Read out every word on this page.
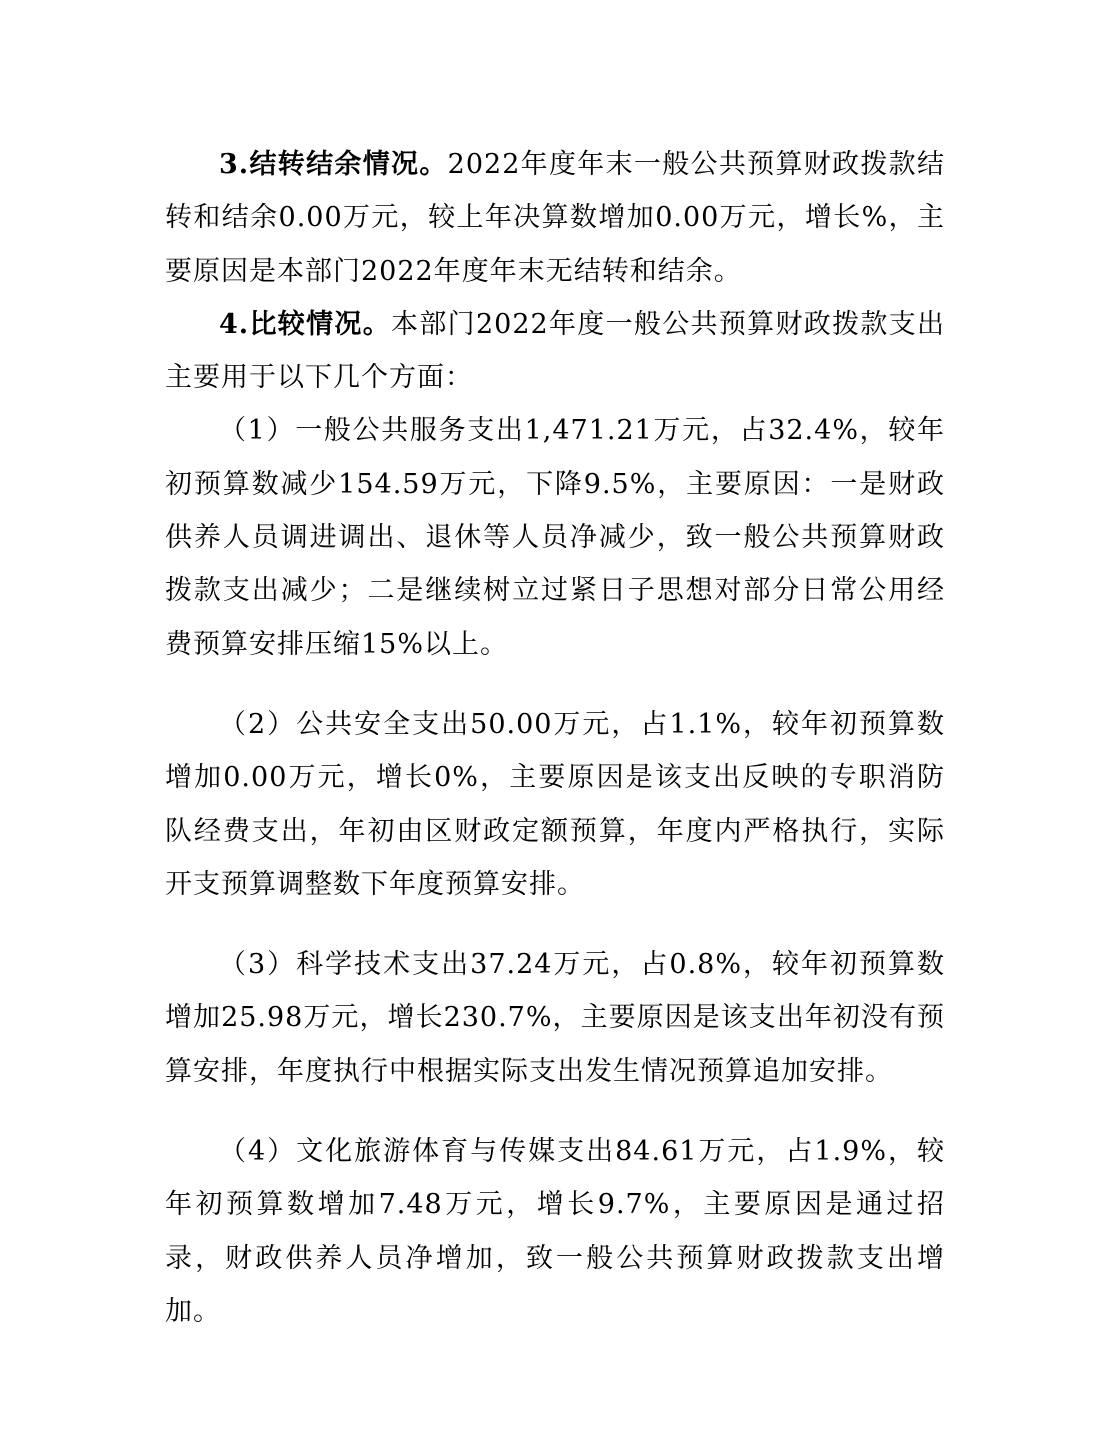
3.结转结余情况。2022年度年末一般公共预算财政拨款结转和结余0.00万元，较上年决算数增加0.00万元，增长%，主要原因是本部门2022年度年末无结转和结余。

4.比较情况。本部门2022年度一般公共预算财政拨款支出主要用于以下几个方面：

（1）一般公共服务支出1,471.21万元，占32.4%，较年初预算数减少154.59万元，下降9.5%，主要原因：一是财政供养人员调进调出、退休等人员净减少，致一般公共预算财政拨款支出减少；二是继续树立过紧日子思想对部分日常公用经费预算安排压缩15%以上。

（2）公共安全支出50.00万元，占1.1%，较年初预算数增加0.00万元，增长0%，主要原因是该支出反映的专职消防队经费支出，年初由区财政定额预算，年度内严格执行，实际开支预算调整数下年度预算安排。

（3）科学技术支出37.24万元，占0.8%，较年初预算数增加25.98万元，增长230.7%，主要原因是该支出年初没有预算安排，年度执行中根据实际支出发生情况预算追加安排。

（4）文化旅游体育与传媒支出84.61万元，占1.9%，较年初预算数增加7.48万元，增长9.7%，主要原因是通过招录，财政供养人员净增加，致一般公共预算财政拨款支出增加。
